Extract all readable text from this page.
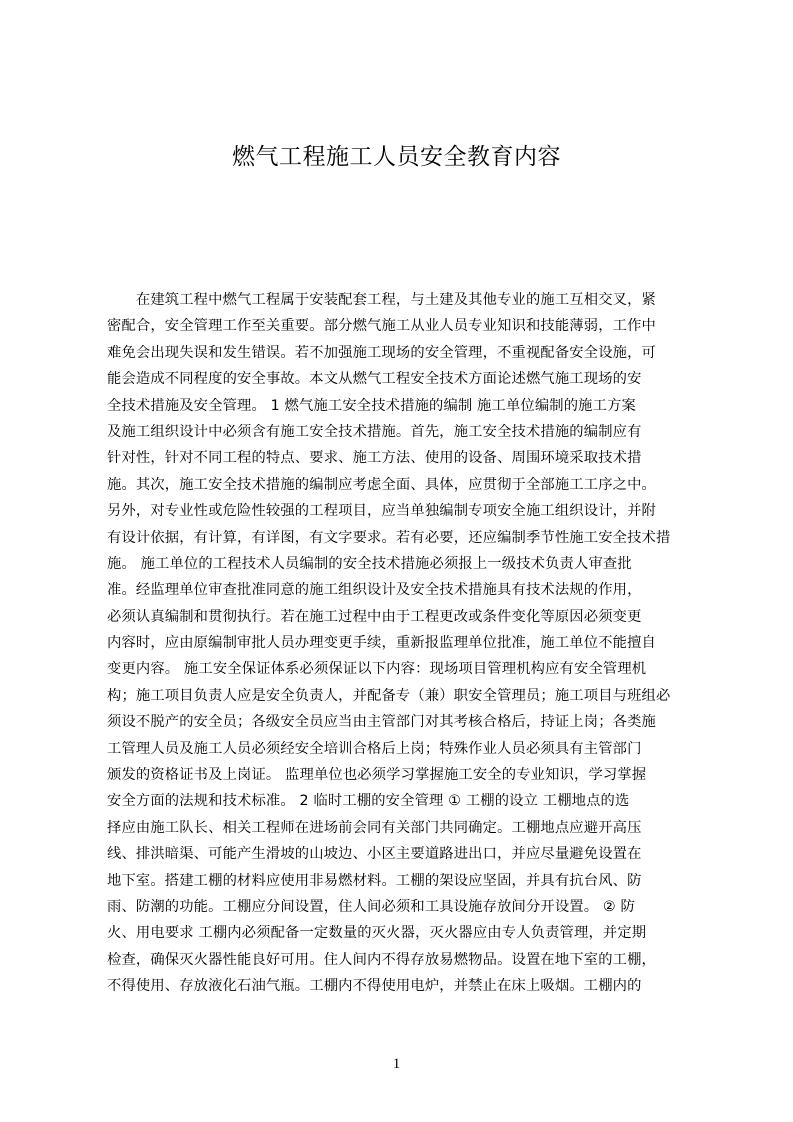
燃气工程施工人员安全教育内容
　　在建筑工程中燃气工程属于安装配套工程，与土建及其他专业的施工互相交叉，紧
密配合，安全管理工作至关重要。部分燃气施工从业人员专业知识和技能薄弱，工作中
难免会出现失误和发生错误。若不加强施工现场的安全管理，不重视配备安全设施，可
能会造成不同程度的安全事故。本文从燃气工程安全技术方面论述燃气施工现场的安
全技术措施及安全管理。 1 燃气施工安全技术措施的编制 施工单位编制的施工方案
及施工组织设计中必须含有施工安全技术措施。首先，施工安全技术措施的编制应有
针对性，针对不同工程的特点、要求、施工方法、使用的设备、周围环境采取技术措
施。其次，施工安全技术措施的编制应考虑全面、具体，应贯彻于全部施工工序之中。
另外，对专业性或危险性较强的工程项目，应当单独编制专项安全施工组织设计，并附
有设计依据，有计算，有详图，有文字要求。若有必要，还应编制季节性施工安全技术措
施。 施工单位的工程技术人员编制的安全技术措施必须报上一级技术负责人审查批
准。经监理单位审查批准同意的施工组织设计及安全技术措施具有技术法规的作用，
必须认真编制和贯彻执行。若在施工过程中由于工程更改或条件变化等原因必须变更
内容时，应由原编制审批人员办理变更手续，重新报监理单位批准，施工单位不能擅自
变更内容。 施工安全保证体系必须保证以下内容：现场项目管理机构应有安全管理机
构；施工项目负责人应是安全负责人，并配备专（兼）职安全管理员；施工项目与班组必
须设不脱产的安全员；各级安全员应当由主管部门对其考核合格后，持证上岗；各类施
工管理人员及施工人员必须经安全培训合格后上岗；特殊作业人员必须具有主管部门
颁发的资格证书及上岗证。 监理单位也必须学习掌握施工安全的专业知识，学习掌握
安全方面的法规和技术标准。 2 临时工棚的安全管理 ① 工棚的设立 工棚地点的选
择应由施工队长、相关工程师在进场前会同有关部门共同确定。工棚地点应避开高压
线、排洪暗渠、可能产生滑坡的山坡边、小区主要道路进出口，并应尽量避免设置在
地下室。搭建工棚的材料应使用非易燃材料。工棚的架设应坚固，并具有抗台风、防
雨、防潮的功能。工棚应分间设置，住人间必须和工具设施存放间分开设置。 ② 防
火、用电要求 工棚内必须配备一定数量的灭火器，灭火器应由专人负责管理，并定期
检查，确保灭火器性能良好可用。住人间内不得存放易燃物品。设置在地下室的工棚，
不得使用、存放液化石油气瓶。工棚内不得使用电炉，并禁止在床上吸烟。工棚内的
1
